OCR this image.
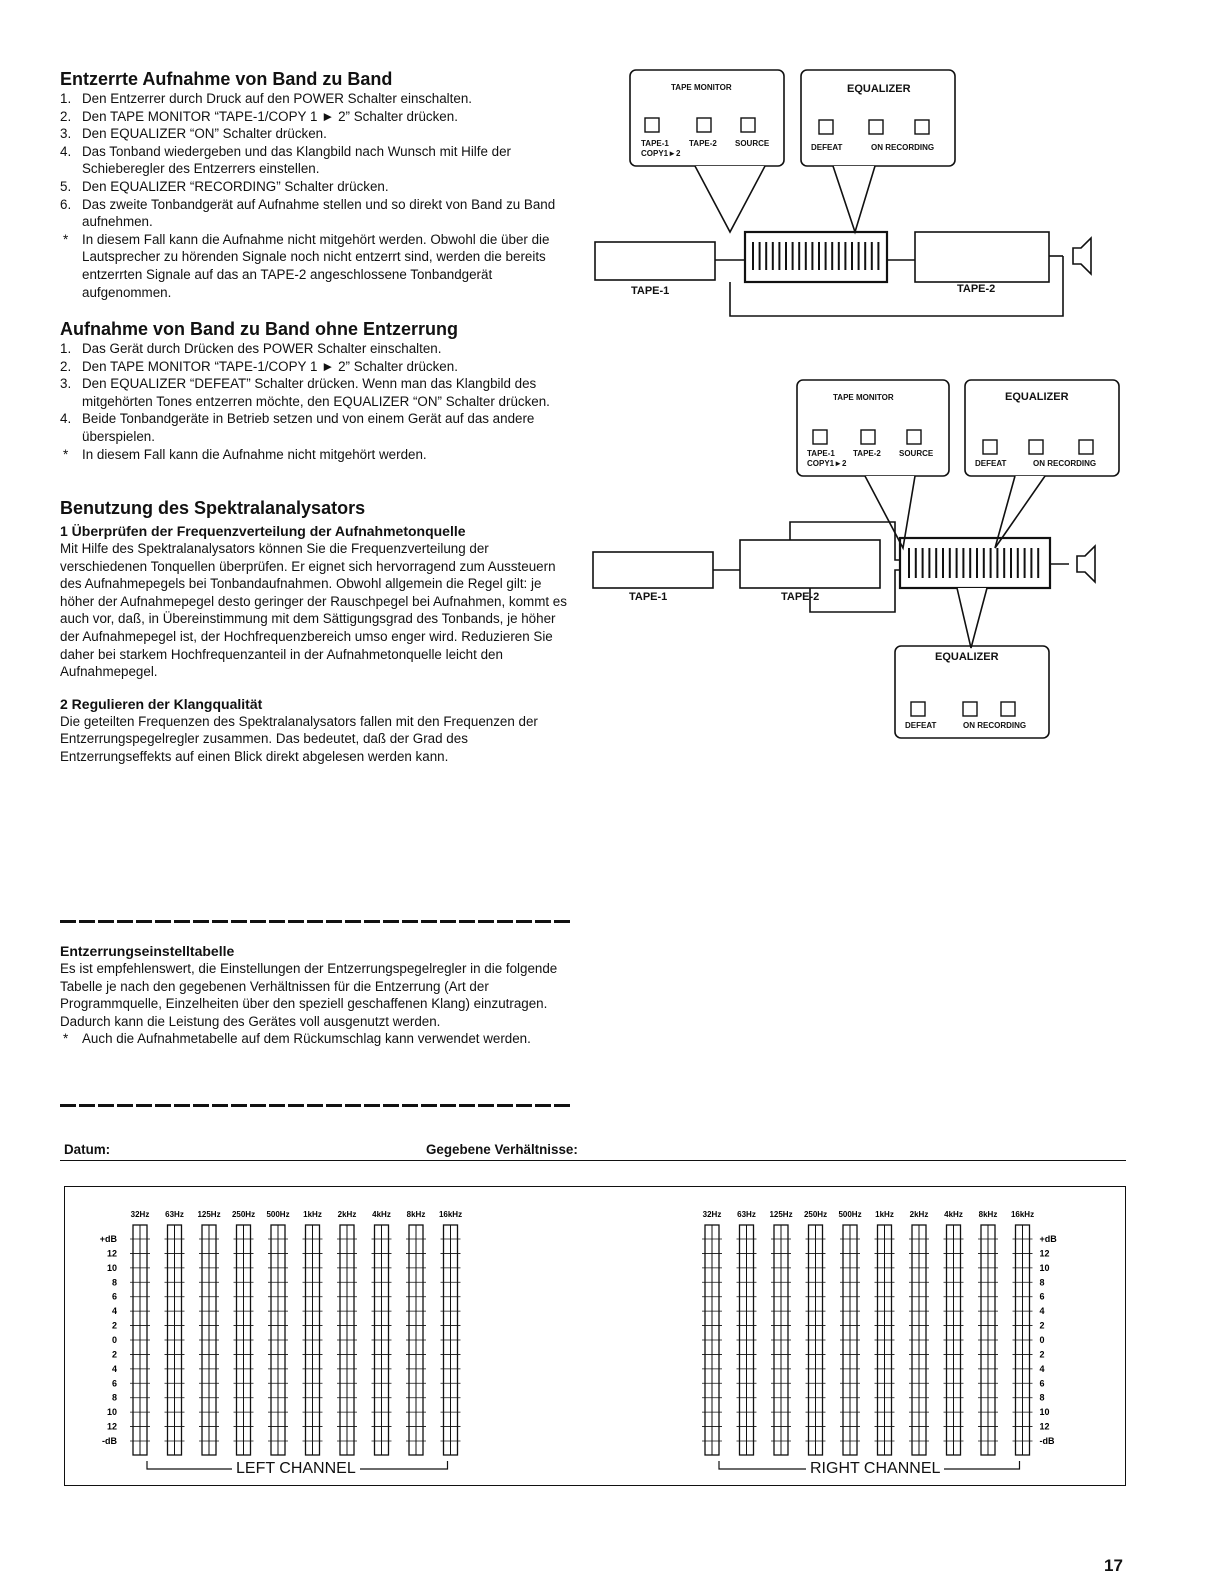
Entzerrte Aufnahme von Band zu Band
1. Den Entzerrer durch Druck auf den POWER Schalter einschalten.
2. Den TAPE MONITOR “TAPE-1/COPY 1 ► 2” Schalter drücken.
3. Den EQUALIZER “ON” Schalter drücken.
4. Das Tonband wiedergeben und das Klangbild nach Wunsch mit Hilfe der Schieberegler des Entzerrers einstellen.
5. Den EQUALIZER “RECORDING” Schalter drücken.
6. Das zweite Tonbandgerät auf Aufnahme stellen und so direkt von Band zu Band aufnehmen.
* In diesem Fall kann die Aufnahme nicht mitgehört werden. Obwohl die über die Lautsprecher zu hörenden Signale noch nicht entzerrt sind, werden die bereits entzerrten Signale auf das an TAPE-2 angeschlossene Tonbandgerät aufgenommen.
Aufnahme von Band zu Band ohne Entzerrung
1. Das Gerät durch Drücken des POWER Schalter einschalten.
2. Den TAPE MONITOR “TAPE-1/COPY 1 ► 2” Schalter drücken.
3. Den EQUALIZER “DEFEAT” Schalter drücken. Wenn man das Klangbild des mitgehörten Tones entzerren möchte, den EQUALIZER “ON” Schalter drücken.
4. Beide Tonbandgeräte in Betrieb setzen und von einem Gerät auf das andere überspielen.
* In diesem Fall kann die Aufnahme nicht mitgehört werden.
Benutzung des Spektralanalysators
1 Überprüfen der Frequenzverteilung der Aufnahmetonquelle

Mit Hilfe des Spektralanalysators können Sie die Frequenzverteilung der verschiedenen Tonquellen überprüfen. Er eignet sich hervorragend zum Aussteuern des Aufnahmepegels bei Tonbandaufnahmen. Obwohl allgemein die Regel gilt: je höher der Aufnahmepegel desto geringer der Rauschpegel bei Aufnahmen, kommt es auch vor, daß, in Übereinstimmung mit dem Sättigungsgrad des Tonbands, je höher der Aufnahmepegel ist, der Hochfrequenzbereich umso enger wird. Reduzieren Sie daher bei starkem Hochfrequenzanteil in der Aufnahmetonquelle leicht den Aufnahmepegel.

2 Regulieren der Klangqualität

Die geteilten Frequenzen des Spektralanalysators fallen mit den Frequenzen der Entzerrungspegelregler zusammen. Das bedeutet, daß der Grad des Entzerrungseffekts auf einen Blick direkt abgelesen werden kann.

Entzerrungseinstelltabelle

Es ist empfehlenswert, die Einstellungen der Entzerrungspegelregler in die folgende Tabelle je nach den gegebenen Verhältnissen für die Entzerrung (Art der Programmquelle, Einzelheiten über den speziell geschaffenen Klang) einzutragen. Dadurch kann die Leistung des Gerätes voll ausgenutzt werden.

* Auch die Aufnahmetabelle auf dem Rückumschlag kann verwendet werden.
TAPE MONITOR
TAPE-1
COPY1►2
TAPE-2 SOURCE	DEFEAT	ON RECORDING
TAPE MONITOR
TAPE-1
COPY1►2
TAPE-2 SOURCE
DEFEAT	ON RECORDING
DEFEAT	ON RECORDING
EQUALIZER
EQUALIZER
EQUALIZER
TAPE-1	TAPE-2
TAPE-1	TAPE-2
Datum:	Gegebene Verhältnisse:
32Hz 63Hz 125Hz 250Hz 500Hz 1kHz 2kHz 4kHz 8kHz 16kHz
+dB
12
10
8
6
4
2
0
2
4
6
8
10
12
-dB
32Hz 63Hz 125Hz 250Hz 500Hz 1kHz 2kHz 4kHz 8kHz 16kHz
+dB
12
10
8
6
4
2
0
2
4
6
8
10
12
-dB
LEFT CHANNEL	RIGHT CHANNEL
17
